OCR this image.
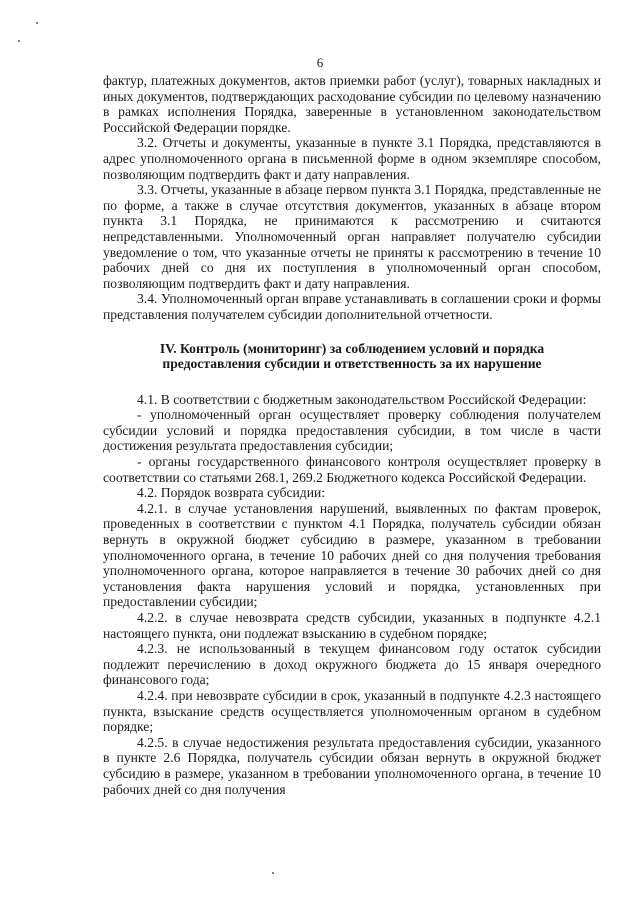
6

фактур, платежных документов, актов приемки работ (услуг), товарных накладных и иных документов, подтверждающих расходование субсидии по целевому назначению в рамках исполнения Порядка, заверенные в установленном законодательством Российской Федерации порядке.

3.2. Отчеты и документы, указанные в пункте 3.1 Порядка, представляются в адрес уполномоченного органа в письменной форме в одном экземпляре способом, позволяющим подтвердить факт и дату направления.

3.3. Отчеты, указанные в абзаце первом пункта 3.1 Порядка, представленные не по форме, а также в случае отсутствия документов, указанных в абзаце втором пункта 3.1 Порядка, не принимаются к рассмотрению и считаются непредставленными. Уполномоченный орган направляет получателю субсидии уведомление о том, что указанные отчеты не приняты к рассмотрению в течение 10 рабочих дней со дня их поступления в уполномоченный орган способом, позволяющим подтвердить факт и дату направления.

3.4. Уполномоченный орган вправе устанавливать в соглашении сроки и формы представления получателем субсидии дополнительной отчетности.

IV. Контроль (мониторинг) за соблюдением условий и порядка
предоставления субсидии и ответственность за их нарушение

4.1. В соответствии с бюджетным законодательством Российской Федерации:

- уполномоченный орган осуществляет проверку соблюдения получателем субсидии условий и порядка предоставления субсидии, в том числе в части достижения результата предоставления субсидии;

- органы государственного финансового контроля осуществляет проверку в соответствии со статьями 268.1, 269.2 Бюджетного кодекса Российской Федерации.

4.2. Порядок возврата субсидии:

4.2.1. в случае установления нарушений, выявленных по фактам проверок, проведенных в соответствии с пунктом 4.1 Порядка, получатель субсидии обязан вернуть в окружной бюджет субсидию в размере, указанном в требовании уполномоченного органа, в течение 10 рабочих дней со дня получения требования уполномоченного органа, которое направляется в течение 30 рабочих дней со дня установления факта нарушения условий и порядка, установленных при предоставлении субсидии;

4.2.2. в случае невозврата средств субсидии, указанных в подпункте 4.2.1 настоящего пункта, они подлежат взысканию в судебном порядке;

4.2.3. не использованный в текущем финансовом году остаток субсидии подлежит перечислению в доход окружного бюджета до 15 января очередного финансового года;

4.2.4. при невозврате субсидии в срок, указанный в подпункте 4.2.3 настоящего пункта, взыскание средств осуществляется уполномоченным органом в судебном порядке;

4.2.5. в случае недостижения результата предоставления субсидии, указанного в пункте 2.6 Порядка, получатель субсидии обязан вернуть в окружной бюджет субсидию в размере, указанном в требовании уполномоченного органа, в течение 10 рабочих дней со дня получения
